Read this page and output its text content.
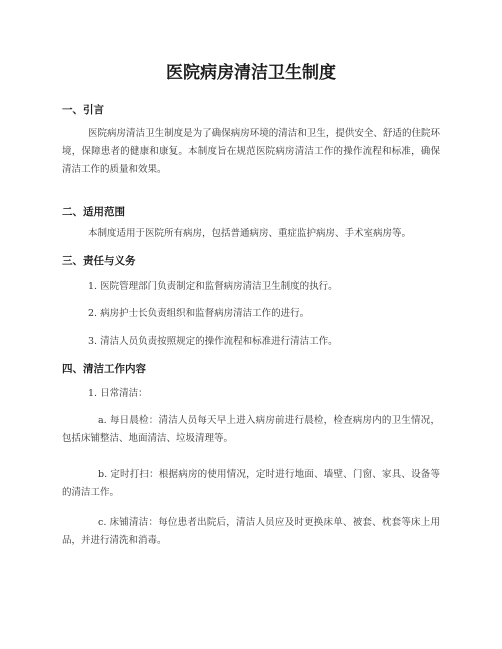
医院病房清洁卫生制度
一、引言
医院病房清洁卫生制度是为了确保病房环境的清洁和卫生，提供安全、舒适的住院环境，保障患者的健康和康复。本制度旨在规范医院病房清洁工作的操作流程和标准，确保清洁工作的质量和效果。
二、适用范围
本制度适用于医院所有病房，包括普通病房、重症监护病房、手术室病房等。
三、责任与义务
1. 医院管理部门负责制定和监督病房清洁卫生制度的执行。
2. 病房护士长负责组织和监督病房清洁工作的进行。
3. 清洁人员负责按照规定的操作流程和标准进行清洁工作。
四、清洁工作内容
1. 日常清洁：
a. 每日晨检：清洁人员每天早上进入病房前进行晨检，检查病房内的卫生情况，包括床铺整洁、地面清洁、垃圾清理等。
b. 定时打扫：根据病房的使用情况，定时进行地面、墙壁、门窗、家具、设备等的清洁工作。
c. 床铺清洁：每位患者出院后，清洁人员应及时更换床单、被套、枕套等床上用品，并进行清洗和消毒。
